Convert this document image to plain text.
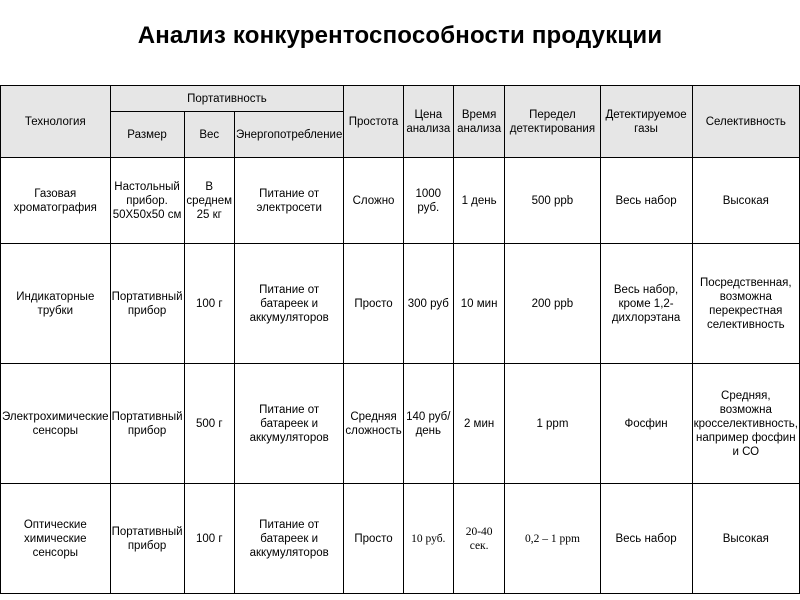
Анализ конкурентоспособности продукции
Технология	Портативность			Простота	Цена анализа	Время анализа	Передел детектирования	Детектируемое газы	Селективность
	Размер	Вес	Энергопотребление						
Газовая хроматография	Настольный прибор. 50Х50х50 см	В среднем 25 кг	Питание от электросети	Сложно	1000 руб.	1 день	500 ppb	Весь набор	Высокая
Индикаторные трубки	Портативный прибор	100 г	Питание от батареек и аккумуляторов	Просто	300 руб	10 мин	200 ppb	Весь набор, кроме 1,2-дихлорэтана	Посредственная, возможна перекрестная селективность
Электрохимические сенсоры	Портативный прибор	500 г	Питание от батареек и аккумуляторов	Средняя сложность	140 руб/день	2 мин	1 ppm	Фосфин	Средняя, возможна кросселективность, например фосфин и СО
Оптические химические сенсоры	Портативный прибор	100 г	Питание от батареек и аккумуляторов	Просто	10 руб.	20-40 сек.	0,2 – 1 ppm	Весь набор	Высокая
